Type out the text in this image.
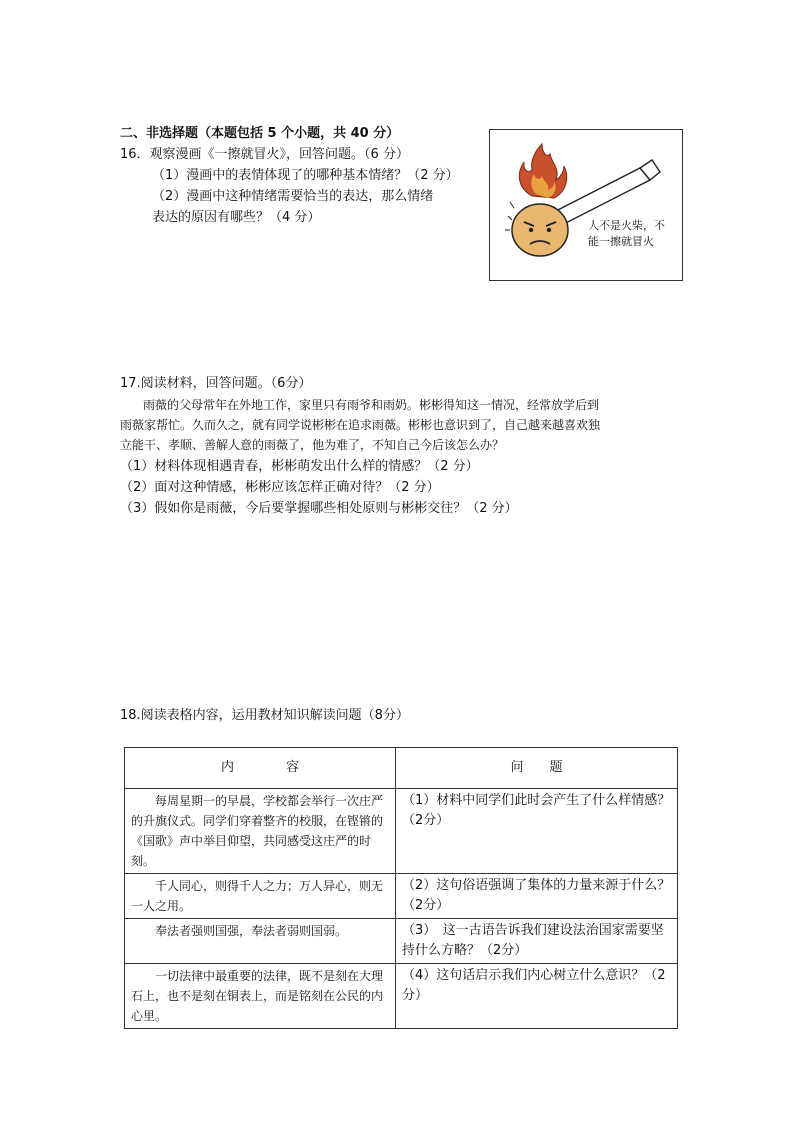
二、非选择题（本题包括 5 个小题，共 40 分）
16．观察漫画《一擦就冒火》，回答问题。（6 分）
（1）漫画中的表情体现了的哪种基本情绪？（2 分）
（2）漫画中这种情绪需要恰当的表达，那么情绪
表达的原因有哪些？（4 分）
人不是火柴，不
能一擦就冒火
17.阅读材料，回答问题。（6分）
雨薇的父母常年在外地工作，家里只有雨爷和雨奶。彬彬得知这一情况，经常放学后到
雨薇家帮忙。久而久之，就有同学说彬彬在追求雨薇。彬彬也意识到了，自己越来越喜欢独
立能干、孝顺、善解人意的雨薇了，他为难了，不知自己今后该怎么办？
（1）材料体现相遇青春，彬彬萌发出什么样的情感？（2 分）
（2）面对这种情感，彬彬应该怎样正确对待？（2 分）
（3）假如你是雨薇，今后要掌握哪些相处原则与彬彬交往？（2 分）
18.阅读表格内容，运用教材知识解读问题（8分）
内　　　　容	问　　题
每周星期一的早晨，学校都会举行一次庄严的升旗仪式。同学们穿着整齐的校服，在铿锵的《国歌》声中举目仰望，共同感受这庄严的时刻。	（1）材料中同学们此时会产生了什么样情感？（2分）
千人同心，则得千人之力；万人异心，则无一人之用。	（2）这句俗语强调了集体的力量来源于什么？（2分）
奉法者强则国强，奉法者弱则国弱。	（3）　这一古语告诉我们建设法治国家需要坚持什么方略？（2分）
一切法律中最重要的法律，既不是刻在大理石上，也不是刻在铜表上，而是铭刻在公民的内心里。	（4）这句话启示我们内心树立什么意识？（2分）
